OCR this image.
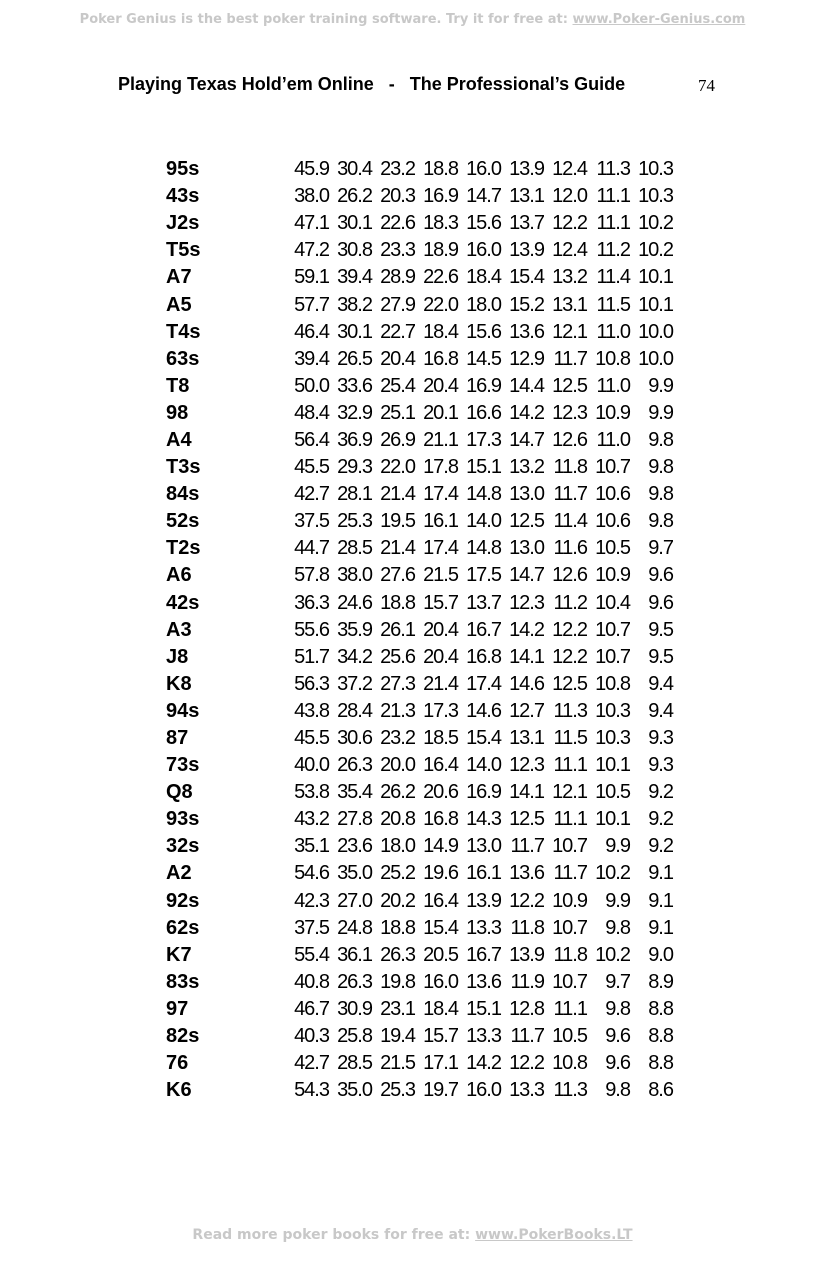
Poker Genius is the best poker training software. Try it for free at: www.Poker-Genius.com
Playing Texas Hold’em Online   -   The Professional’s Guide	74
95s	45.9	30.4	23.2	18.8	16.0	13.9	12.4	11.3	10.3
43s	38.0	26.2	20.3	16.9	14.7	13.1	12.0	11.1	10.3
J2s	47.1	30.1	22.6	18.3	15.6	13.7	12.2	11.1	10.2
T5s	47.2	30.8	23.3	18.9	16.0	13.9	12.4	11.2	10.2
A7	59.1	39.4	28.9	22.6	18.4	15.4	13.2	11.4	10.1
A5	57.7	38.2	27.9	22.0	18.0	15.2	13.1	11.5	10.1
T4s	46.4	30.1	22.7	18.4	15.6	13.6	12.1	11.0	10.0
63s	39.4	26.5	20.4	16.8	14.5	12.9	11.7	10.8	10.0
T8	50.0	33.6	25.4	20.4	16.9	14.4	12.5	11.0	9.9
98	48.4	32.9	25.1	20.1	16.6	14.2	12.3	10.9	9.9
A4	56.4	36.9	26.9	21.1	17.3	14.7	12.6	11.0	9.8
T3s	45.5	29.3	22.0	17.8	15.1	13.2	11.8	10.7	9.8
84s	42.7	28.1	21.4	17.4	14.8	13.0	11.7	10.6	9.8
52s	37.5	25.3	19.5	16.1	14.0	12.5	11.4	10.6	9.8
T2s	44.7	28.5	21.4	17.4	14.8	13.0	11.6	10.5	9.7
A6	57.8	38.0	27.6	21.5	17.5	14.7	12.6	10.9	9.6
42s	36.3	24.6	18.8	15.7	13.7	12.3	11.2	10.4	9.6
A3	55.6	35.9	26.1	20.4	16.7	14.2	12.2	10.7	9.5
J8	51.7	34.2	25.6	20.4	16.8	14.1	12.2	10.7	9.5
K8	56.3	37.2	27.3	21.4	17.4	14.6	12.5	10.8	9.4
94s	43.8	28.4	21.3	17.3	14.6	12.7	11.3	10.3	9.4
87	45.5	30.6	23.2	18.5	15.4	13.1	11.5	10.3	9.3
73s	40.0	26.3	20.0	16.4	14.0	12.3	11.1	10.1	9.3
Q8	53.8	35.4	26.2	20.6	16.9	14.1	12.1	10.5	9.2
93s	43.2	27.8	20.8	16.8	14.3	12.5	11.1	10.1	9.2
32s	35.1	23.6	18.0	14.9	13.0	11.7	10.7	9.9	9.2
A2	54.6	35.0	25.2	19.6	16.1	13.6	11.7	10.2	9.1
92s	42.3	27.0	20.2	16.4	13.9	12.2	10.9	9.9	9.1
62s	37.5	24.8	18.8	15.4	13.3	11.8	10.7	9.8	9.1
K7	55.4	36.1	26.3	20.5	16.7	13.9	11.8	10.2	9.0
83s	40.8	26.3	19.8	16.0	13.6	11.9	10.7	9.7	8.9
97	46.7	30.9	23.1	18.4	15.1	12.8	11.1	9.8	8.8
82s	40.3	25.8	19.4	15.7	13.3	11.7	10.5	9.6	8.8
76	42.7	28.5	21.5	17.1	14.2	12.2	10.8	9.6	8.8
K6	54.3	35.0	25.3	19.7	16.0	13.3	11.3	9.8	8.6
Read more poker books for free at: www.PokerBooks.LT
